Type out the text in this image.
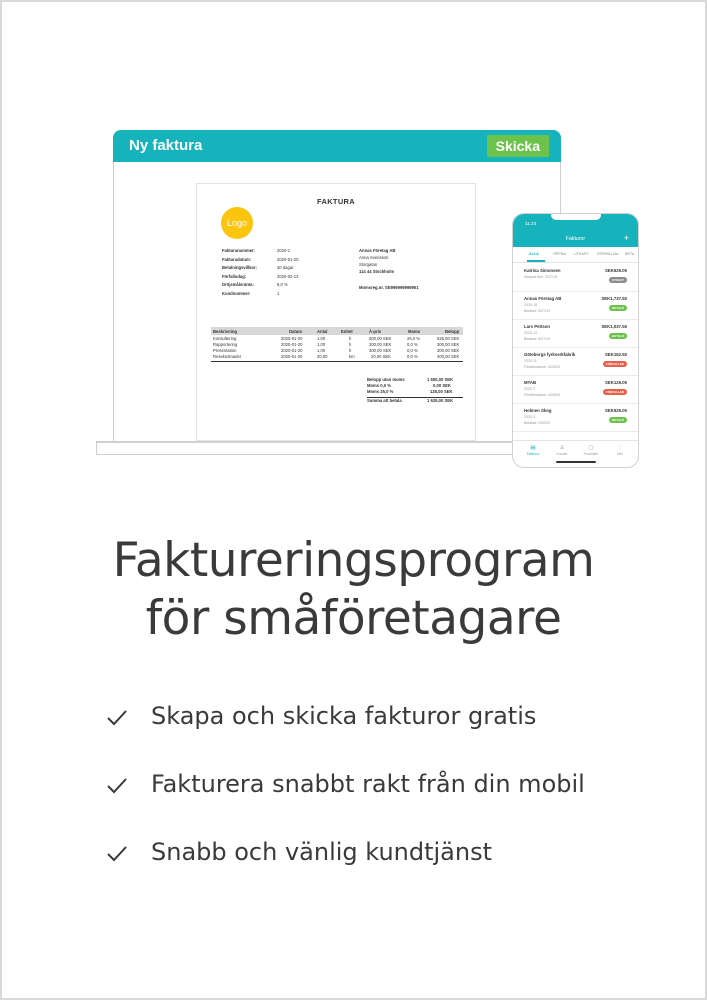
Ny faktura	Skicka
FAKTURA
Logo
Fakturanummer:	2020-1
Fakturadatum:	2020-01-20
Betalningsvillkor:	30 dagar
Förfallodag:	2020-02-13
Dröjsmålsränta:	8,0 %
Kundnummer:	1
Annas Företag AB
Anna Svensson
Storgatan
114 44 Stockholm
Momsreg.nr. SE999999999901
Beskrivning	Datum	Antal	Enhet	À-pris	Moms	Belopp
Konsultering	2020-01-20	1,00	h	300,00 SEK	25,0 %	625,00 SEK
Rapportering	2020-01-20	1,00	h	300,00 SEK	0,0 %	300,00 SEK
Presentation	2020-01-20	1,00	h	300,00 SEK	0,0 %	300,00 SEK
Resekostnader	2020-01-20	20,00	km	20,00 SEK	0,0 %	400,00 SEK
Belopp utan moms	1 500,00 SEK
Moms 0,0 %	0,00 SEK
Moms 25,0 %	125,00 SEK
Summa att betala	1 625,00 SEK
11:23
Fakturor	+
ALLA	ÖPPNA UTKAST FÖRFALLNA BETA
Katrina Simonsen	SEK625.00
Skapad den: 5/27/19
UTKAST
Annas Företag AB	SEK1,737.50
2020-16
Betalad: 5/27/19
BETALD
Lars Pettson	SEK1,037.50
2020-12
Betalad: 5/27/19
BETALD
Göteborgs fyrkverkfabrik	SEK162.50
2020-11
Förfallodatum: 4/28/20
FÖRFALLEN
MTAB	SEK125.00
2020-7
Förfallodatum: 4/28/20
FÖRFALLEN
Holmen Skog	SEK925.00
2020-3
Betalad: 2/20/20
BETALD
▤
Fakturor
♙
Kunder
▢
Produkter
⋮
Mer
Faktureringsprogram
för småföretagare
Skapa och skicka fakturor gratis
Fakturera snabbt rakt från din mobil
Snabb och vänlig kundtjänst
